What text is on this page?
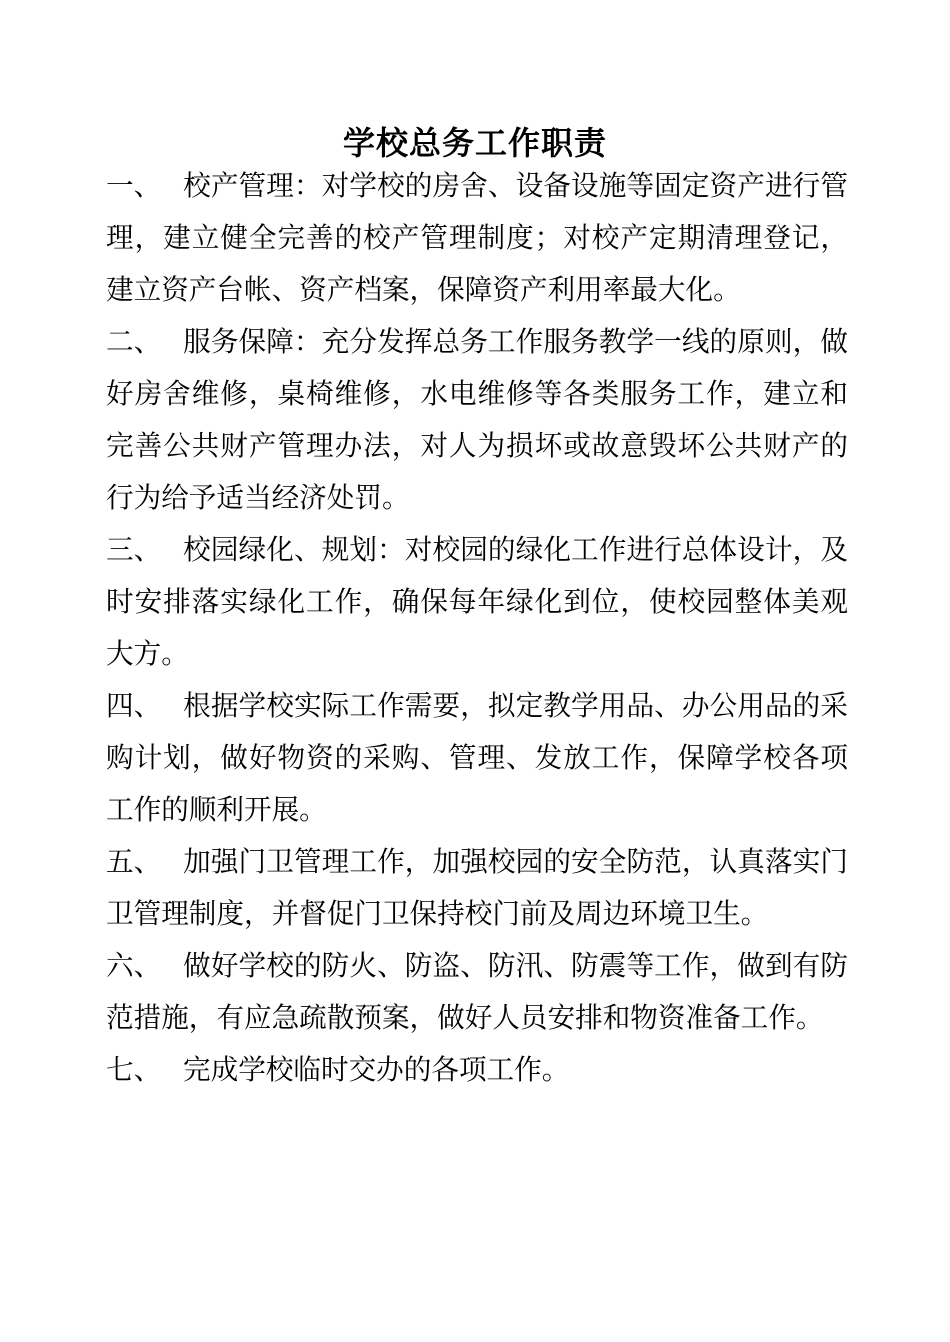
学校总务工作职责

一、 校产管理：对学校的房舍、设备设施等固定资产进行管理，建立健全完善的校产管理制度；对校产定期清理登记，建立资产台帐、资产档案，保障资产利用率最大化。

二、 服务保障：充分发挥总务工作服务教学一线的原则，做好房舍维修，桌椅维修，水电维修等各类服务工作，建立和完善公共财产管理办法，对人为损坏或故意毁坏公共财产的行为给予适当经济处罚。

三、 校园绿化、规划：对校园的绿化工作进行总体设计，及时安排落实绿化工作，确保每年绿化到位，使校园整体美观大方。

四、 根据学校实际工作需要，拟定教学用品、办公用品的采购计划，做好物资的采购、管理、发放工作，保障学校各项工作的顺利开展。

五、 加强门卫管理工作，加强校园的安全防范，认真落实门卫管理制度，并督促门卫保持校门前及周边环境卫生。

六、 做好学校的防火、防盗、防汛、防震等工作，做到有防范措施，有应急疏散预案，做好人员安排和物资准备工作。

七、 完成学校临时交办的各项工作。
